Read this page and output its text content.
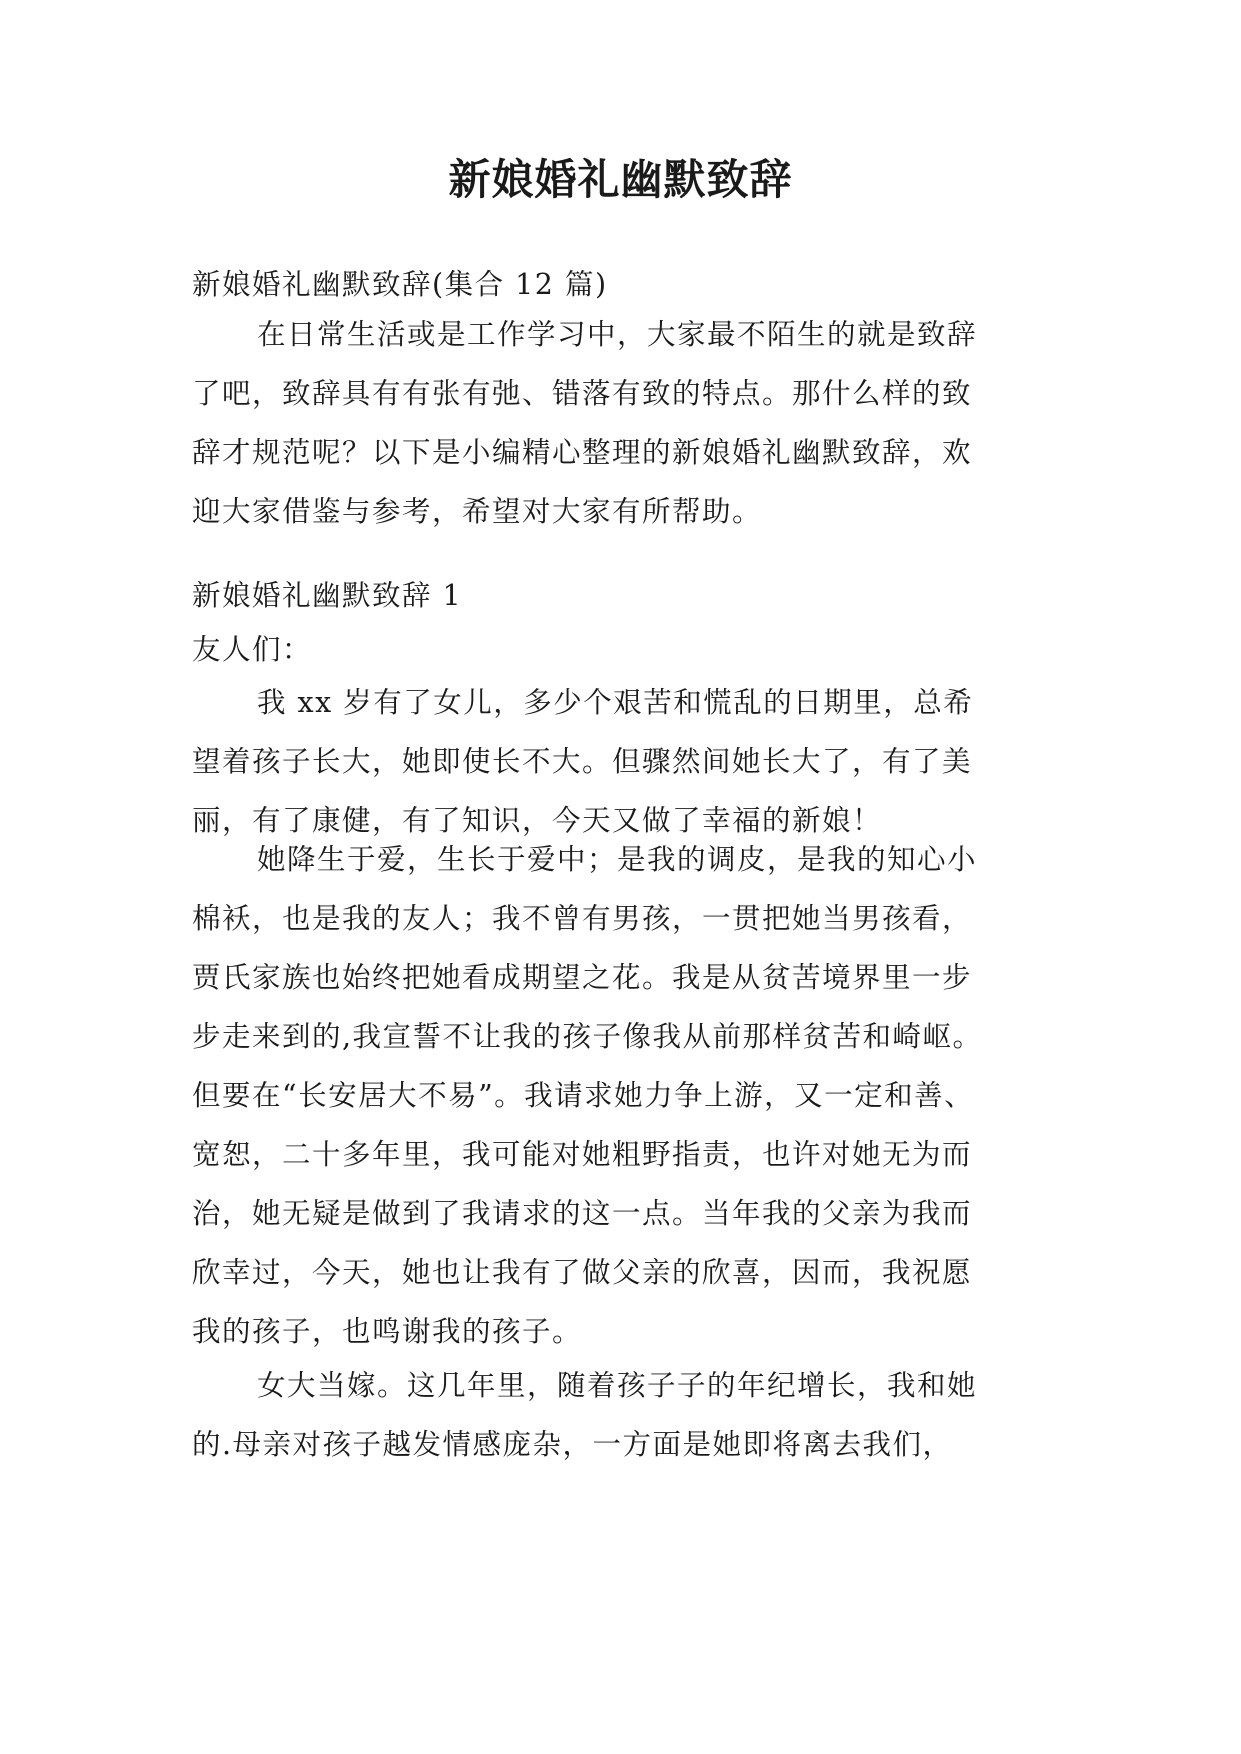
新娘婚礼幽默致辞
新娘婚礼幽默致辞(集合 12 篇)
在日常生活或是工作学习中，大家最不陌生的就是致辞
了吧，致辞具有有张有弛、错落有致的特点。那什么样的致
辞才规范呢？以下是小编精心整理的新娘婚礼幽默致辞，欢
迎大家借鉴与参考，希望对大家有所帮助。
新娘婚礼幽默致辞 1
友人们：
我 xx 岁有了女儿，多少个艰苦和慌乱的日期里，总希
望着孩子长大，她即使长不大。但骤然间她长大了，有了美
丽，有了康健，有了知识，今天又做了幸福的新娘！
她降生于爱，生长于爱中；是我的调皮，是我的知心小
棉袄，也是我的友人；我不曾有男孩，一贯把她当男孩看，
贾氏家族也始终把她看成期望之花。我是从贫苦境界里一步
步走来到的,我宣誓不让我的孩子像我从前那样贫苦和崎岖。
但要在“长安居大不易”。我请求她力争上游，又一定和善、
宽恕，二十多年里，我可能对她粗野指责，也许对她无为而
治，她无疑是做到了我请求的这一点。当年我的父亲为我而
欣幸过，今天，她也让我有了做父亲的欣喜，因而，我祝愿
我的孩子，也鸣谢我的孩子。
女大当嫁。这几年里，随着孩子子的年纪增长，我和她
的.母亲对孩子越发情感庞杂，一方面是她即将离去我们，
